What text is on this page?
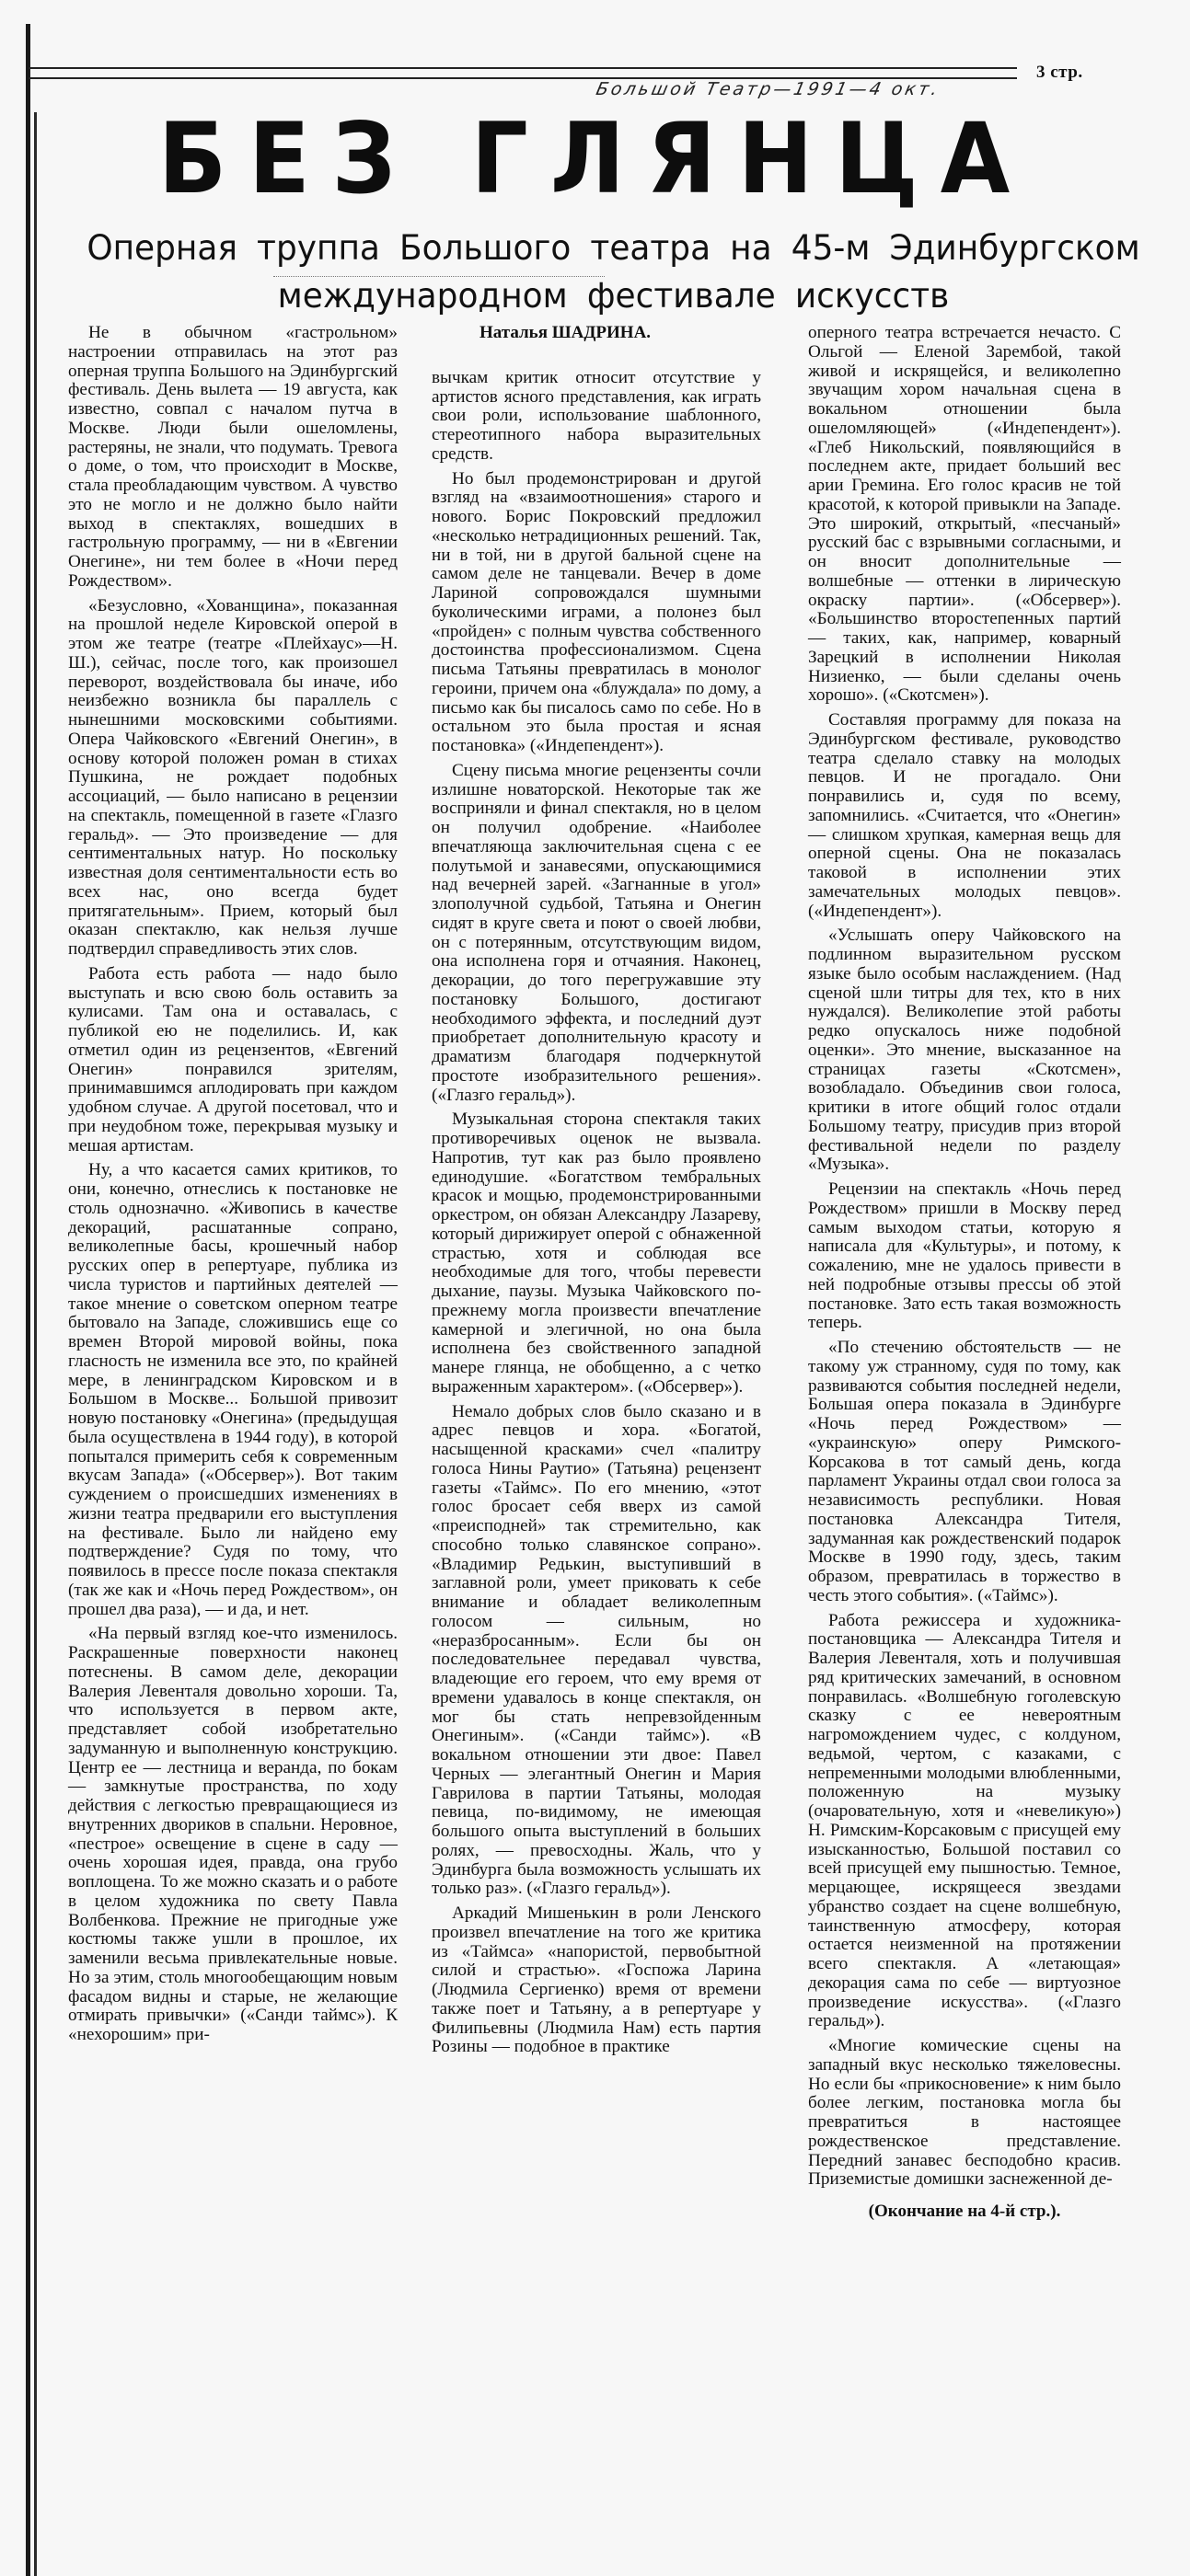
3 стр.
Большой Театр—1991—4 окт.
БЕЗ ГЛЯНЦА
Оперная труппа Большого театра на 45-м Эдинбургском
международном фестивале искусств

Не в обычном «гастрольном» настроении отправилась на этот раз оперная труппа Большого на Эдинбургский фестиваль. День вылета — 19 августа, как известно, совпал с началом путча в Москве. Люди были ошеломлены, растеряны, не знали, что подумать. Тревога о доме, о том, что происходит в Москве, стала преобладающим чувством. А чувство это не могло и не должно было найти выход в спектаклях, вошедших в гастрольную программу, — ни в «Евгении Онегине», ни тем более в «Ночи перед Рождеством».

«Безусловно, «Хованщина», показанная на прошлой неделе Кировской оперой в этом же театре (театре «Плейхаус»—Н. Ш.), сейчас, после того, как произошел переворот, воздействовала бы иначе, ибо неизбежно возникла бы параллель с нынешними московскими событиями. Опера Чайковского «Евгений Онегин», в основу которой положен роман в стихах Пушкина, не рождает подобных ассоциаций, — было написано в рецензии на спектакль, помещенной в газете «Глазго геральд». — Это произведение — для сентиментальных натур. Но поскольку известная доля сентиментальности есть во всех нас, оно всегда будет притягательным». Прием, который был оказан спектаклю, как нельзя лучше подтвердил справедливость этих слов.

Работа есть работа — надо было выступать и всю свою боль оставить за кулисами. Там она и оставалась, с публикой ею не поделились. И, как отметил один из рецензентов, «Евгений Онегин» понравился зрителям, принимавшимся аплодировать при каждом удобном случае. А другой посетовал, что и при неудобном тоже, перекрывая музыку и мешая артистам.

Ну, а что касается самих критиков, то они, конечно, отнеслись к постановке не столь однозначно. «Живопись в качестве декораций, расшатанные сопрано, великолепные басы, крошечный набор русских опер в репертуаре, публика из числа туристов и партийных деятелей — такое мнение о советском оперном театре бытовало на Западе, сложившись еще со времен Второй мировой войны, пока гласность не изменила все это, по крайней мере, в ленинградском Кировском и в Большом в Москве... Большой привозит новую постановку «Онегина» (предыдущая была осуществлена в 1944 году), в которой попытался примерить себя к современным вкусам Запада» («Обсервер»). Вот таким суждением о происшедших изменениях в жизни театра предварили его выступления на фестивале. Было ли найдено ему подтверждение? Судя по тому, что появилось в прессе после показа спектакля (так же как и «Ночь перед Рождеством», он прошел два раза), — и да, и нет.

«На первый взгляд кое-что изменилось. Раскрашенные поверхности наконец потеснены. В самом деле, декорации Валерия Левенталя довольно хороши. Та, что используется в первом акте, представляет собой изобретательно задуманную и выполненную конструкцию. Центр ее — лестница и веранда, по бокам — замкнутые пространства, по ходу действия с легкостью превращающиеся из внутренних двориков в спальни. Неровное, «пестрое» освещение в сцене в саду — очень хорошая идея, правда, она грубо воплощена. То же можно сказать и о работе в целом художника по свету Павла Волбенкова. Прежние не пригодные уже костюмы также ушли в прошлое, их заменили весьма привлекательные новые. Но за этим, столь многообещающим новым фасадом видны и старые, не желающие отмирать привычки» («Санди таймс»). К «нехорошим» при-

Наталья ШАДРИНА.

вычкам критик относит отсутствие у артистов ясного представления, как играть свои роли, использование шаблонного, стереотипного набора выразительных средств.

Но был продемонстрирован и другой взгляд на «взаимоотношения» старого и нового. Борис Покровский предложил «несколько нетрадиционных решений. Так, ни в той, ни в другой бальной сцене на самом деле не танцевали. Вечер в доме Лариной сопровождался шумными буколическими играми, а полонез был «пройден» с полным чувства собственного достоинства профессионализмом. Сцена письма Татьяны превратилась в монолог героини, причем она «блуждала» по дому, а письмо как бы писалось само по себе. Но в остальном это была простая и ясная постановка» («Индепендент»).

Сцену письма многие рецензенты сочли излишне новаторской. Некоторые так же восприняли и финал спектакля, но в целом он получил одобрение. «Наиболее впечатляюща заключительная сцена с ее полутьмой и занавесями, опускающимися над вечерней зарей. «Загнанные в угол» злополучной судьбой, Татьяна и Онегин сидят в круге света и поют о своей любви, он с потерянным, отсутствующим видом, она исполнена горя и отчаяния. Наконец, декорации, до того перегружавшие эту постановку Большого, достигают необходимого эффекта, и последний дуэт приобретает дополнительную красоту и драматизм благодаря подчеркнутой простоте изобразительного решения». («Глазго геральд»).

Музыкальная сторона спектакля таких противоречивых оценок не вызвала. Напротив, тут как раз было проявлено единодушие. «Богатством тембральных красок и мощью, продемонстрированными оркестром, он обязан Александру Лазареву, который дирижирует оперой с обнаженной страстью, хотя и соблюдая все необходимые для того, чтобы перевести дыхание, паузы. Музыка Чайковского по-прежнему могла произвести впечатление камерной и элегичной, но она была исполнена без свойственного западной манере глянца, не обобщенно, а с четко выраженным характером». («Обсервер»).

Немало добрых слов было сказано и в адрес певцов и хора. «Богатой, насыщенной красками» счел «палитру голоса Нины Раутио» (Татьяна) рецензент газеты «Таймс». По его мнению, «этот голос бросает себя вверх из самой «преисподней» так стремительно, как способно только славянское сопрано». «Владимир Редькин, выступивший в заглавной роли, умеет приковать к себе внимание и обладает великолепным голосом — сильным, но «неразбросанным». Если бы он последовательнее передавал чувства, владеющие его героем, что ему время от времени удавалось в конце спектакля, он мог бы стать непревзойденным Онегиным». («Санди таймс»). «В вокальном отношении эти двое: Павел Черных — элегантный Онегин и Мария Гаврилова в партии Татьяны, молодая певица, по-видимому, не имеющая большого опыта выступлений в больших ролях, — превосходны. Жаль, что у Эдинбурга была возможность услышать их только раз». («Глазго геральд»).

Аркадий Мишенькин в роли Ленского произвел впечатление на того же критика из «Таймса» «напористой, первобытной силой и страстью». «Госпожа Ларина (Людмила Сергиенко) время от времени также поет и Татьяну, а в репертуаре у Филипьевны (Людмила Нам) есть партия Розины — подобное в практике

оперного театра встречается нечасто. С Ольгой — Еленой Зарембой, такой живой и искрящейся, и великолепно звучащим хором начальная сцена в вокальном отношении была ошеломляющей» («Индепендент»). «Глеб Никольский, появляющийся в последнем акте, придает больший вес арии Гремина. Его голос красив не той красотой, к которой привыкли на Западе. Это широкий, открытый, «песчаный» русский бас с взрывными согласными, и он вносит дополнительные — волшебные — оттенки в лирическую окраску партии». («Обсервер»). «Большинство второстепенных партий — таких, как, например, коварный Зарецкий в исполнении Николая Низиенко, — были сделаны очень хорошо». («Скотсмен»).

Составляя программу для показа на Эдинбургском фестивале, руководство театра сделало ставку на молодых певцов. И не прогадало. Они понравились и, судя по всему, запомнились. «Считается, что «Онегин» — слишком хрупкая, камерная вещь для оперной сцены. Она не показалась таковой в исполнении этих замечательных молодых певцов». («Индепендент»).

«Услышать оперу Чайковского на подлинном выразительном русском языке было особым наслаждением. (Над сценой шли титры для тех, кто в них нуждался). Великолепие этой работы редко опускалось ниже подобной оценки». Это мнение, высказанное на страницах газеты «Скотсмен», возобладало. Объединив свои голоса, критики в итоге общий голос отдали Большому театру, присудив приз второй фестивальной недели по разделу «Музыка».

Рецензии на спектакль «Ночь перед Рождеством» пришли в Москву перед самым выходом статьи, которую я написала для «Культуры», и потому, к сожалению, мне не удалось привести в ней подробные отзывы прессы об этой постановке. Зато есть такая возможность теперь.

«По стечению обстоятельств — не такому уж странному, судя по тому, как развиваются события последней недели, Большая опера показала в Эдинбурге «Ночь перед Рождеством» — «украинскую» оперу Римского-Корсакова в тот самый день, когда парламент Украины отдал свои голоса за независимость республики. Новая постановка Александра Тителя, задуманная как рождественский подарок Москве в 1990 году, здесь, таким образом, превратилась в торжество в честь этого события». («Таймс»).

Работа режиссера и художника-постановщика — Александра Тителя и Валерия Левенталя, хоть и получившая ряд критических замечаний, в основном понравилась. «Волшебную гоголевскую сказку с ее невероятным нагромождением чудес, с колдуном, ведьмой, чертом, с казаками, с непременными молодыми влюбленными, положенную на музыку (очаровательную, хотя и «невеликую») Н. Римским-Корсаковым с присущей ему изысканностью, Большой поставил со всей присущей ему пышностью. Темное, мерцающее, искрящееся звездами убранство создает на сцене волшебную, таинственную атмосферу, которая остается неизменной на протяжении всего спектакля. А «летающая» декорация сама по себе — виртуозное произведение искусства». («Глазго геральд»).

«Многие комические сцены на западный вкус несколько тяжеловесны. Но если бы «прикосновение» к ним было более легким, постановка могла бы превратиться в настоящее рождественское представление. Передний занавес бесподобно красив. Приземистые домишки заснеженной де-

(Окончание на 4-й стр.).
